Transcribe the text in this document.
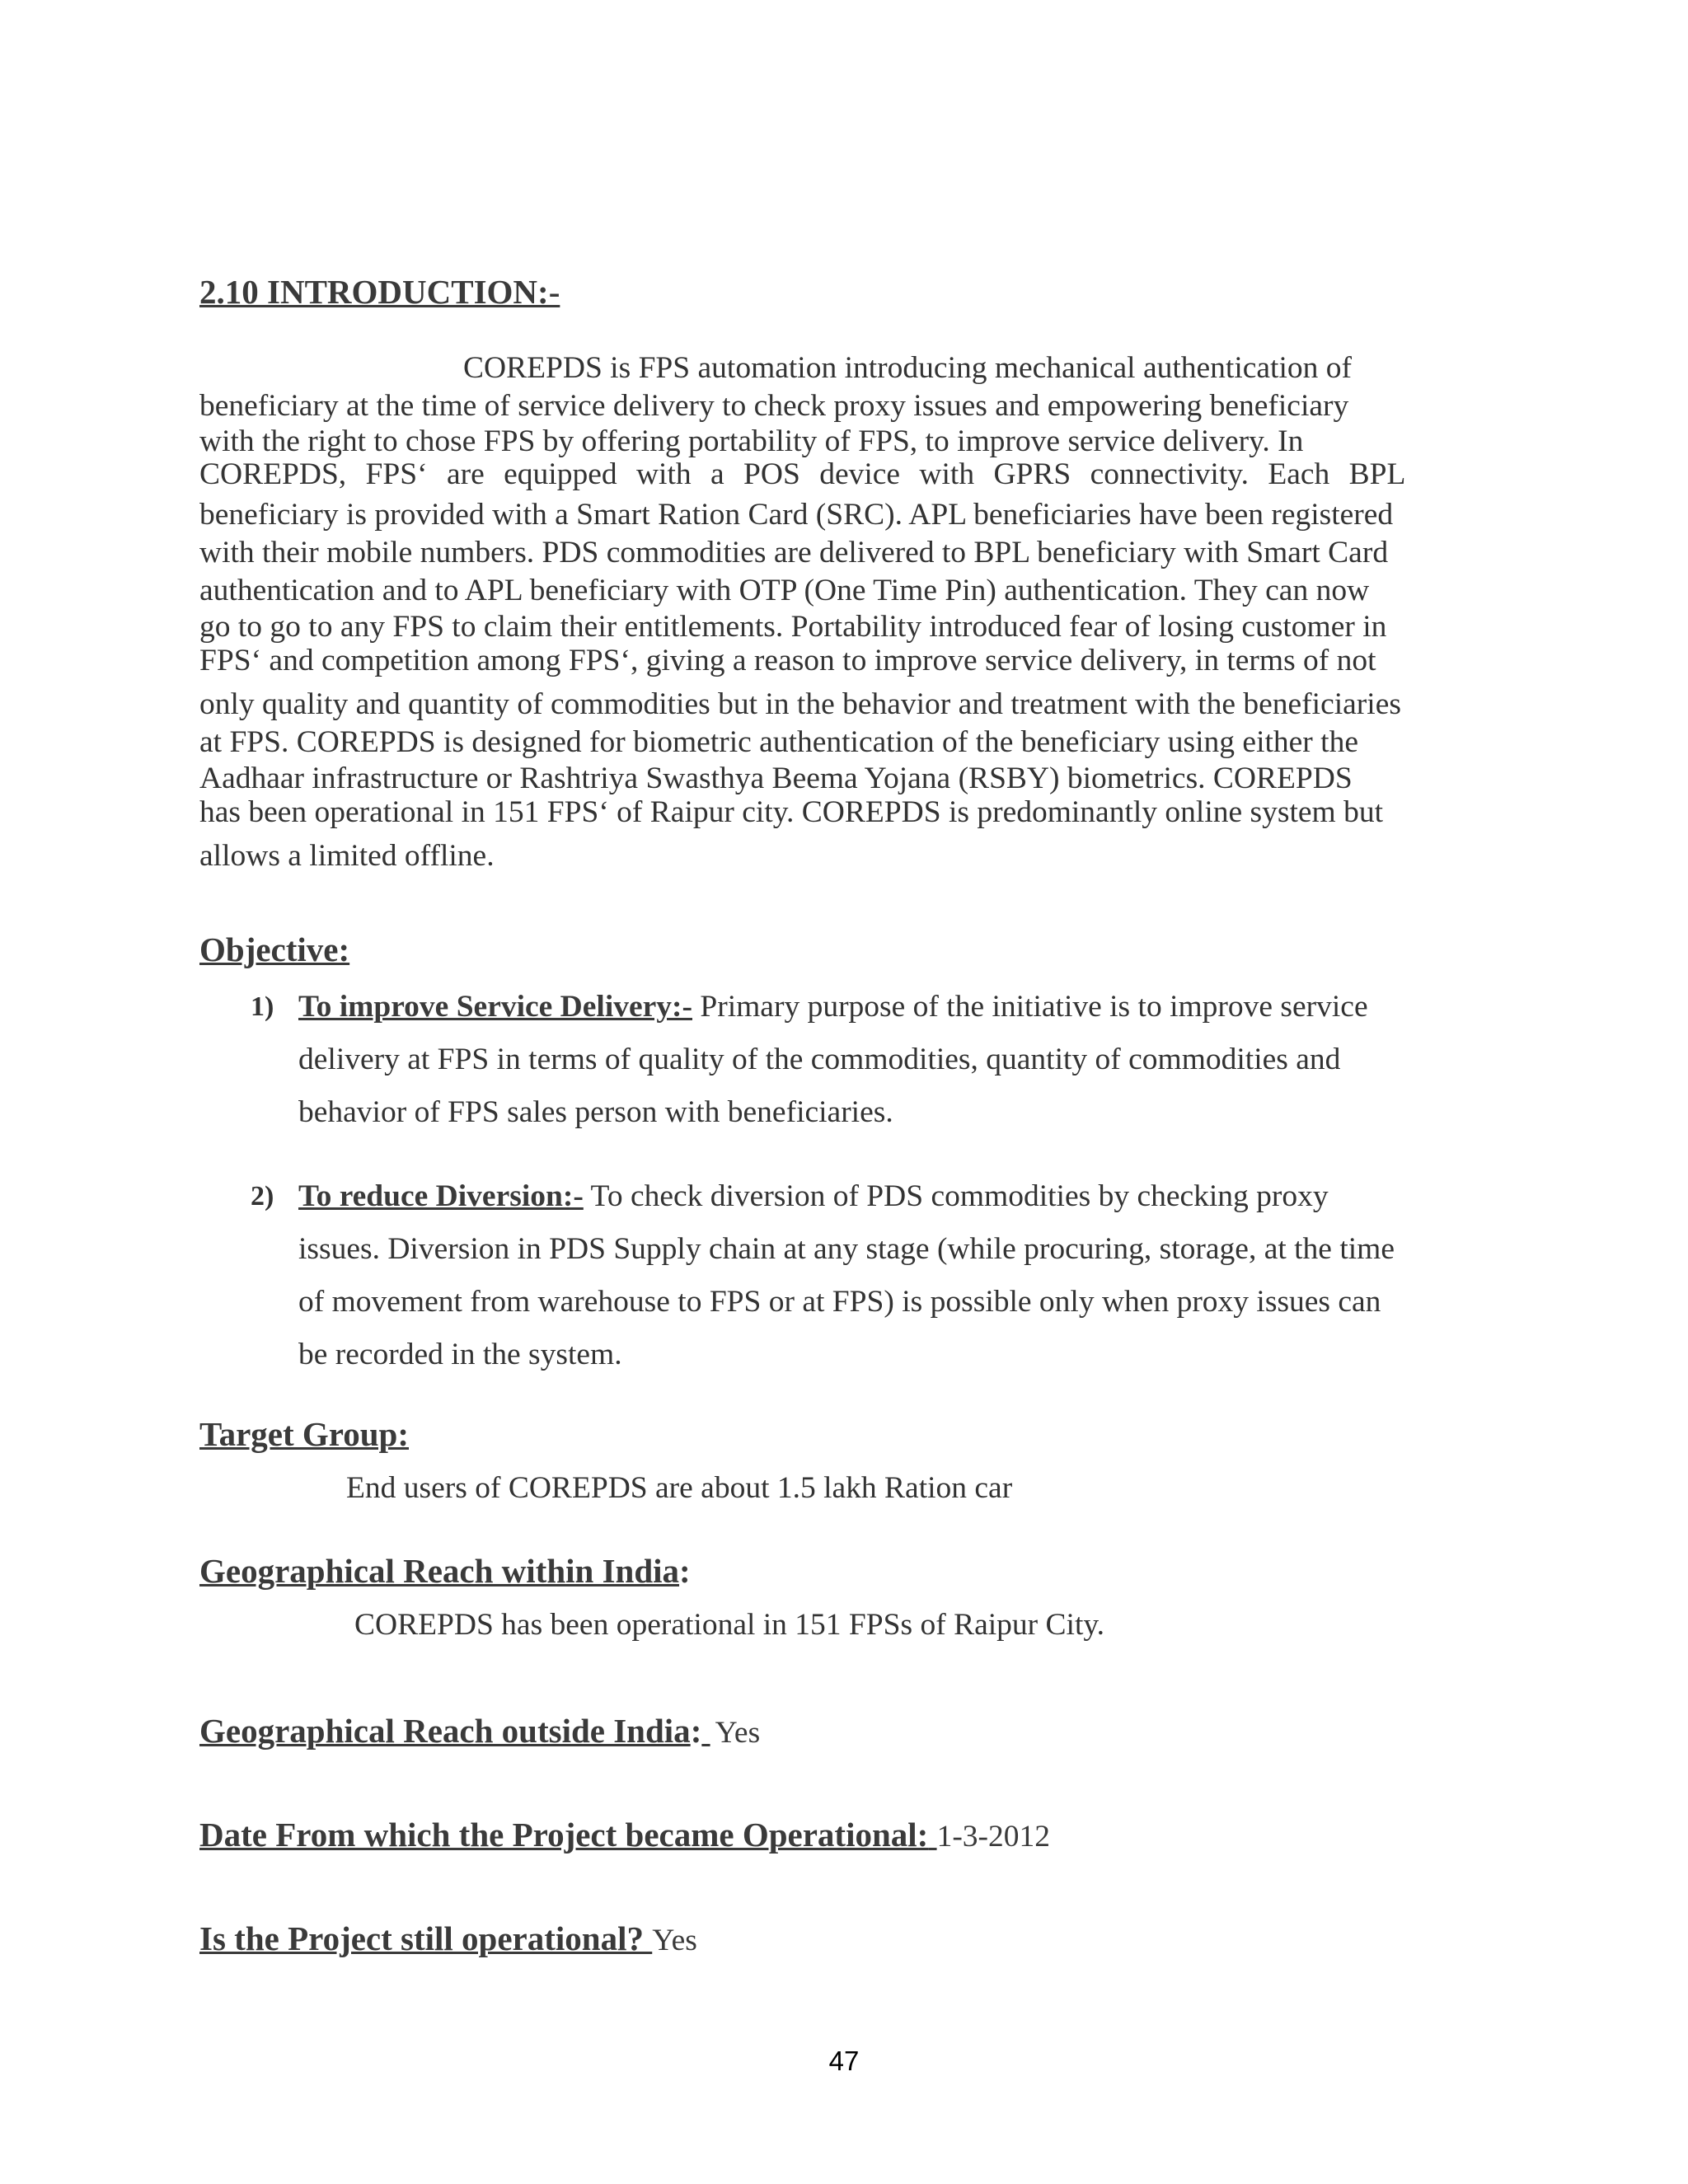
2.10 INTRODUCTION:-
COREPDS is FPS automation introducing mechanical authentication of
beneficiary at the time of service delivery to check proxy issues and empowering beneficiary
with the right to chose FPS by offering portability of FPS, to improve service delivery. In
COREPDS, FPS‘ are equipped with a POS device with GPRS connectivity. Each BPL
beneficiary is provided with a Smart Ration Card (SRC). APL beneficiaries have been registered
with their mobile numbers. PDS commodities are delivered to BPL beneficiary with Smart Card
authentication and to APL beneficiary with OTP (One Time Pin) authentication. They can now
go to go to any FPS to claim their entitlements. Portability introduced fear of losing customer in
FPS‘ and competition among FPS‘, giving a reason to improve service delivery, in terms of not
only quality and quantity of commodities but in the behavior and treatment with the beneficiaries
at FPS. COREPDS is designed for biometric authentication of the beneficiary using either the
Aadhaar infrastructure or Rashtriya Swasthya Beema Yojana (RSBY) biometrics. COREPDS
has been operational in 151 FPS‘ of Raipur city. COREPDS is predominantly online system but
allows a limited offline.
Objective:
1) To improve Service Delivery:- Primary purpose of the initiative is to improve service
delivery at FPS in terms of quality of the commodities, quantity of commodities and
behavior of FPS sales person with beneficiaries.
2) To reduce Diversion:- To check diversion of PDS commodities by checking proxy
issues. Diversion in PDS Supply chain at any stage (while procuring, storage, at the time
of movement from warehouse to FPS or at FPS) is possible only when proxy issues can
be recorded in the system.
Target Group:
End users of COREPDS are about 1.5 lakh Ration car
Geographical Reach within India:
COREPDS has been operational in 151 FPSs of Raipur City.
Geographical Reach outside India: Yes
Date From which the Project became Operational: 1-3-2012
Is the Project still operational? Yes
47
